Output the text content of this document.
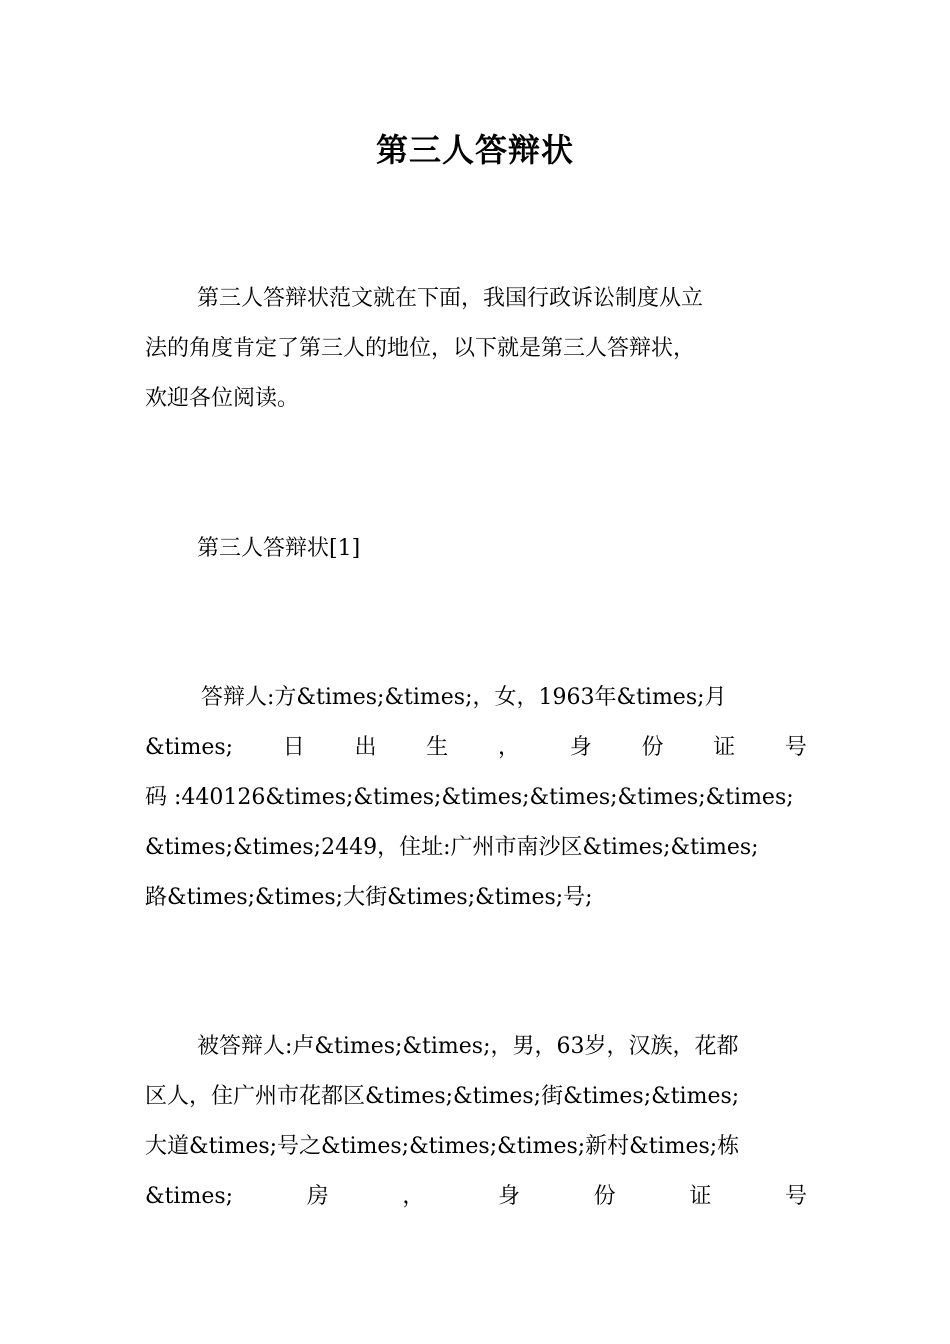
第三人答辩状
第三人答辩状范文就在下面，我国行政诉讼制度从立
法的角度肯定了第三人的地位，以下就是第三人答辩状，
欢迎各位阅读。
第三人答辩状[1]
答辩人:方&times;&times;，女，1963年&times;月
&times; 日 出 生 ， 身 份 证 号
码 :440126&times;&times;&times;&times;&times;&times;
&times;&times;2449，住址:广州市南沙区&times;&times;
路&times;&times;大街&times;&times;号;
被答辩人:卢&times;&times;，男，63岁，汉族，花都
区人，住广州市花都区&times;&times;街&times;&times;
大道&times;号之&times;&times;&times;新村&times;栋
&times;	房	，	身	份	证	号
